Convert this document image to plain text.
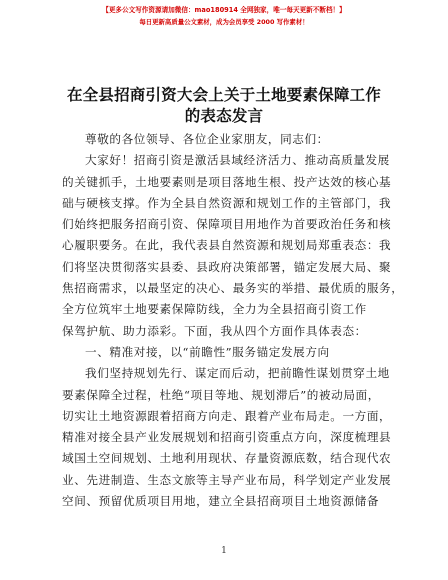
【更多公文写作资源请加微信：mao180914 全网独家，唯一每天更新不断档！】
每日更新高质量公文素材，成为会员享受 2000 写作素材！
在全县招商引资大会上关于土地要素保障工作
的表态发言
尊敬的各位领导、各位企业家朋友，同志们：
大家好！招商引资是激活县域经济活力、推动高质量发展
的关键抓手，土地要素则是项目落地生根、投产达效的核心基
础与硬核支撑。作为全县自然资源和规划工作的主管部门，我
们始终把服务招商引资、保障项目用地作为首要政治任务和核
心履职要务。在此，我代表县自然资源和规划局郑重表态：我
们将坚决贯彻落实县委、县政府决策部署，锚定发展大局、聚
焦招商需求，以最坚定的决心、最务实的举措、最优质的服务，
全方位筑牢土地要素保障防线，全力为全县招商引资工作
保驾护航、助力添彩。下面，我从四个方面作具体表态：
一、精准对接，以“前瞻性”服务锚定发展方向
我们坚持规划先行、谋定而后动，把前瞻性谋划贯穿土地
要素保障全过程，杜绝“项目等地、规划滞后”的被动局面，
切实让土地资源跟着招商方向走、跟着产业布局走。一方面，
精准对接全县产业发展规划和招商引资重点方向，深度梳理县
域国土空间规划、土地利用现状、存量资源底数，结合现代农
业、先进制造、生态文旅等主导产业布局，科学划定产业发展
空间、预留优质项目用地，建立全县招商项目土地资源储备
1
